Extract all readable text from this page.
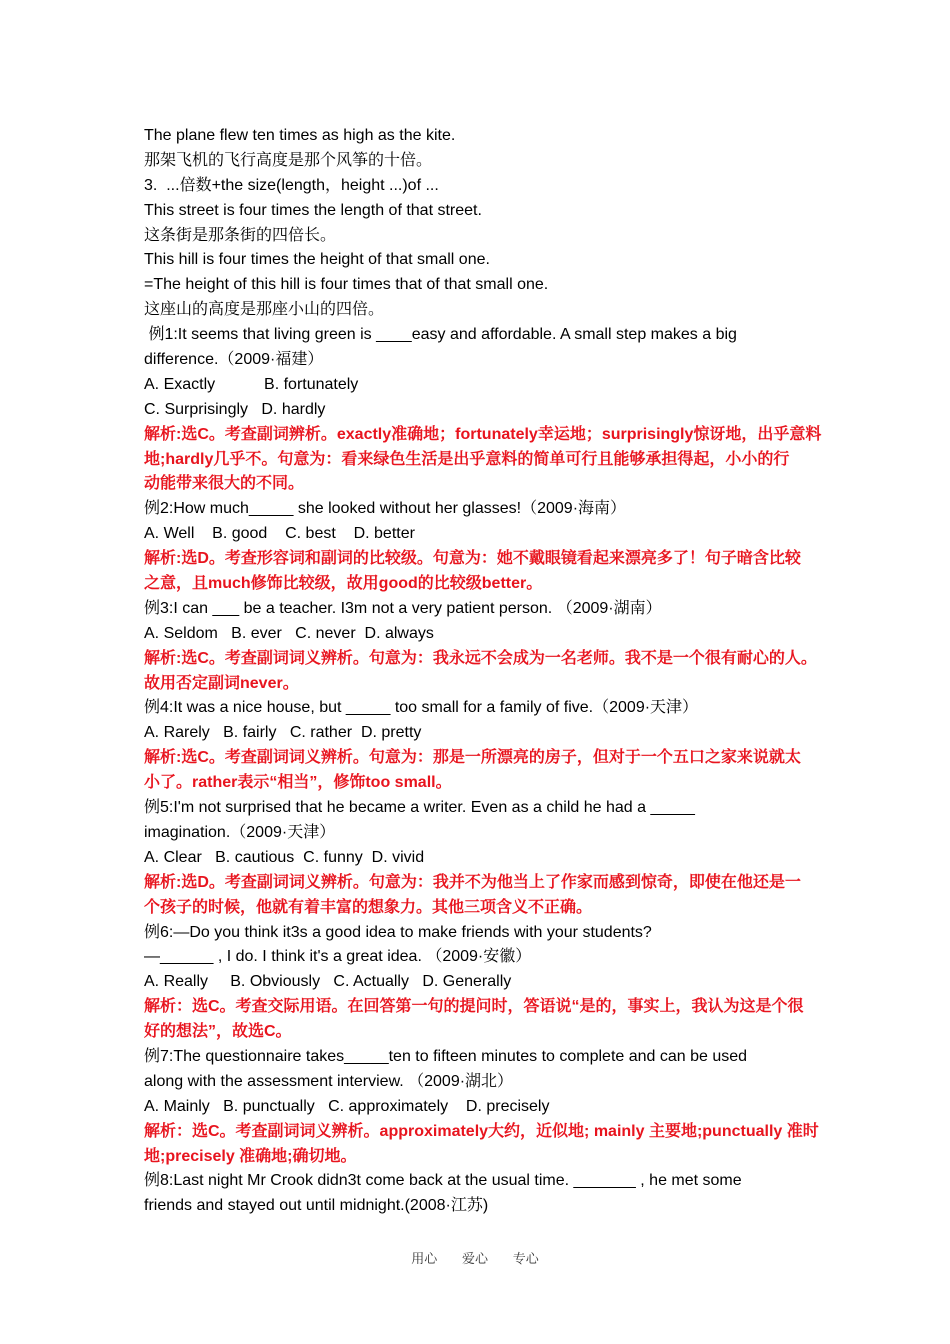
The plane flew ten times as high as the kite.
那架飞机的飞行高度是那个风筝的十倍。
3.  ...倍数+the size(length，height ...)of ...
This street is four times the length of that street.
这条街是那条街的四倍长。
This hill is four times the height of that small one.
=The height of this hill is four times that of that small one.
这座山的高度是那座小山的四倍。
例1:It seems that living green is ____easy and affordable. A small step makes a big
difference.（2009·福建）
A. Exactly           B. fortunately
C. Surprisingly   D. hardly
解析:选C。考查副词辨析。exactly准确地；fortunately幸运地；surprisingly惊讶地，出乎意料
地;hardly几乎不。句意为：看来绿色生活是出乎意料的简单可行且能够承担得起，小小的行
动能带来很大的不同。
例2:How much_____ she looked without her glasses!（2009·海南）
A. Well    B. good    C. best    D. better
解析:选D。考查形容词和副词的比较级。句意为：她不戴眼镜看起来漂亮多了！句子暗含比较
之意，且much修饰比较级，故用good的比较级better。
例3:I can ___ be a teacher. I3m not a very patient person. （2009·湖南）
A. Seldom   B. ever   C. never  D. always
解析:选C。考查副词词义辨析。句意为：我永远不会成为一名老师。我不是一个很有耐心的人。
故用否定副词never。
例4:It was a nice house, but _____ too small for a family of five.（2009·天津）
A. Rarely   B. fairly   C. rather  D. pretty
解析:选C。考查副词词义辨析。句意为：那是一所漂亮的房子，但对于一个五口之家来说就太
小了。rather表示“相当”，修饰too small。
例5:I'm not surprised that he became a writer. Even as a child he had a _____
imagination.（2009·天津）
A. Clear   B. cautious  C. funny  D. vivid
解析:选D。考查副词词义辨析。句意为：我并不为他当上了作家而感到惊奇，即使在他还是一
个孩子的时候，他就有着丰富的想象力。其他三项含义不正确。
例6:—Do you think it3s a good idea to make friends with your students?
—______ , I do. I think it's a great idea. （2009·安徽）
A. Really     B. Obviously   C. Actually   D. Generally
解析：选C。考查交际用语。在回答第一句的提问时，答语说“是的，事实上，我认为这是个很
好的想法”，故选C。
例7:The questionnaire takes_____ten to fifteen minutes to complete and can be used
along with the assessment interview. （2009·湖北）
A. Mainly   B. punctually   C. approximately    D. precisely
解析：选C。考查副词词义辨析。approximately大约，近似地; mainly 主要地;punctually 准时
地;precisely 准确地;确切地。
例8:Last night Mr Crook didn3t come back at the usual time. _______ , he met some
friends and stayed out until midnight.(2008·江苏)
用心      爱心      专心
